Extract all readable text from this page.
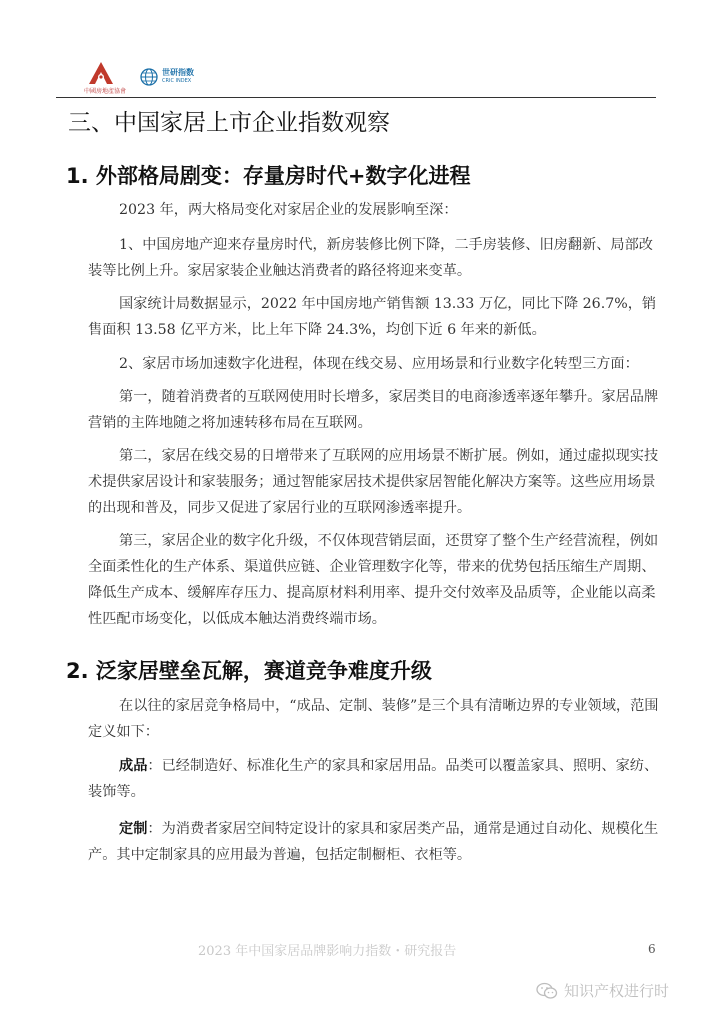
中國房地產協會
世研指数
CRIC INDEX
三、中国家居上市企业指数观察
1. 外部格局剧变：存量房时代+数字化进程

2023 年，两大格局变化对家居企业的发展影响至深：

1、中国房地产迎来存量房时代，新房装修比例下降，二手房装修、旧房翻新、局部改装等比例上升。家居家装企业触达消费者的路径将迎来变革。

国家统计局数据显示，2022 年中国房地产销售额 13.33 万亿，同比下降 26.7%，销售面积 13.58 亿平方米，比上年下降 24.3%，均创下近 6 年来的新低。

2、家居市场加速数字化进程，体现在线交易、应用场景和行业数字化转型三方面：

第一，随着消费者的互联网使用时长增多，家居类目的电商渗透率逐年攀升。家居品牌营销的主阵地随之将加速转移布局在互联网。

第二，家居在线交易的日增带来了互联网的应用场景不断扩展。例如，通过虚拟现实技术提供家居设计和家装服务；通过智能家居技术提供家居智能化解决方案等。这些应用场景的出现和普及，同步又促进了家居行业的互联网渗透率提升。

第三，家居企业的数字化升级，不仅体现营销层面，还贯穿了整个生产经营流程，例如全面柔性化的生产体系、渠道供应链、企业管理数字化等，带来的优势包括压缩生产周期、降低生产成本、缓解库存压力、提高原材料利用率、提升交付效率及品质等，企业能以高柔性匹配市场变化，以低成本触达消费终端市场。

2. 泛家居壁垒瓦解，赛道竞争难度升级

在以往的家居竞争格局中，“成品、定制、装修”是三个具有清晰边界的专业领域，范围定义如下：

成品：已经制造好、标准化生产的家具和家居用品。品类可以覆盖家具、照明、家纺、装饰等。

定制：为消费者家居空间特定设计的家具和家居类产品，通常是通过自动化、规模化生产。其中定制家具的应用最为普遍，包括定制橱柜、衣柜等。

2023 年中国家居品牌影响力指数・研究报告	6
知识产权进行时
